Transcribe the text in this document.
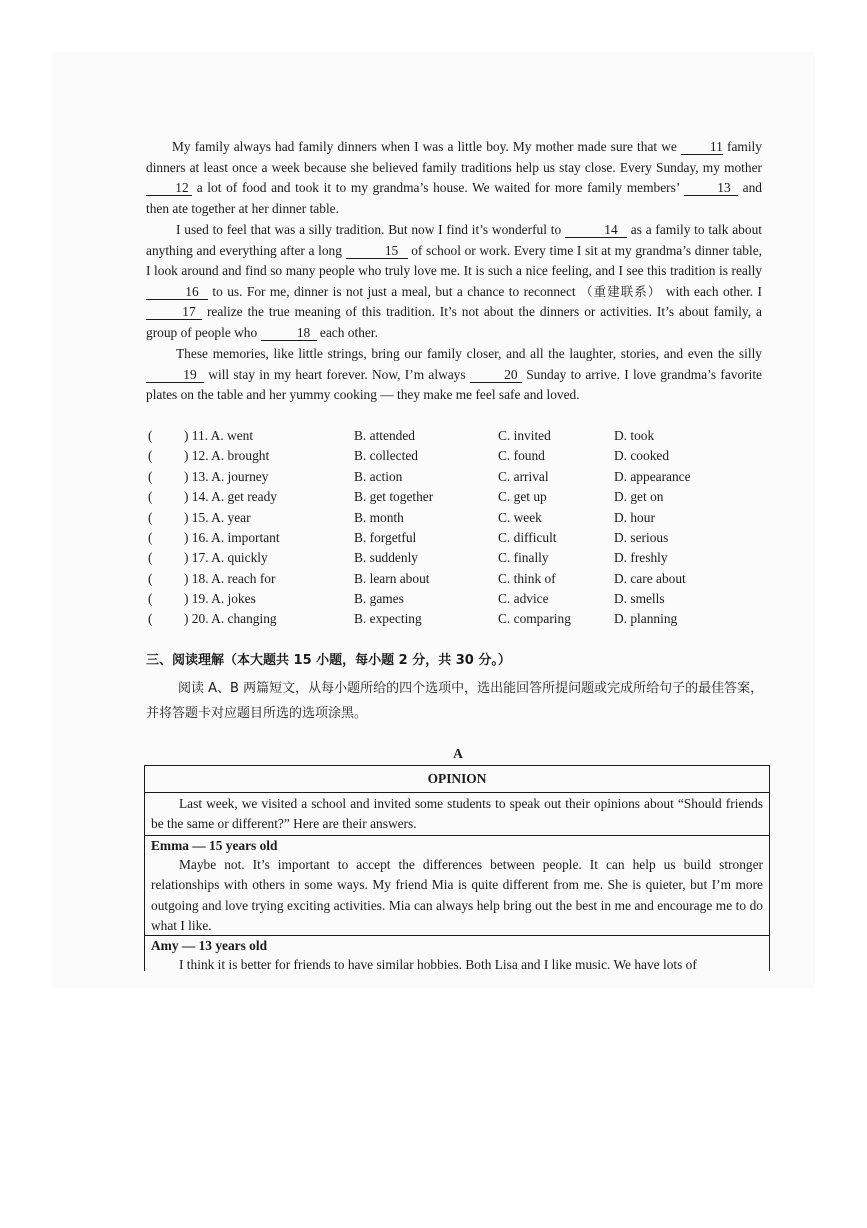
My family always had family dinners when I was a little boy. My mother made sure that we 11 family dinners at least once a week because she believed family traditions help us stay close. Every Sunday, my mother 12 a lot of food and took it to my grandma’s house. We waited for more family members’	13 and then ate together at her dinner table.

I used to feel that was a silly tradition. But now I find it’s wonderful to	14 as a family to talk about anything and everything after a long	15 of school or work. Every time I sit at my grandma’s dinner table, I look around and find so many people who truly love me. It is such a nice feeling, and I see this tradition is really 16 to us. For me, dinner is not just a meal, but a chance to reconnect （重建联系） with each other. I 17 realize the true meaning of this tradition. It’s not about the dinners or activities. It’s about family, a group of people who	18 each other.

These memories, like little strings, bring our family closer, and all the laughter, stories, and even the silly 19 will stay in my heart forever. Now, I’m always	20 Sunday to arrive. I love grandma’s favorite plates on the table and her yummy cooking — they make me feel safe and loved.

( ) 11. A. went	B. attended	C. invited	D. took
( ) 12. A. brought	B. collected	C. found	D. cooked
( ) 13. A. journey	B. action	C. arrival	D. appearance
( ) 14. A. get ready	B. get together	C. get up	D. get on
( ) 15. A. year	B. month	C. week	D. hour
( ) 16. A. important	B. forgetful	C. difficult	D. serious
( ) 17. A. quickly	B. suddenly	C. finally	D. freshly
( ) 18. A. reach for	B. learn about	C. think of	D. care about
( ) 19. A. jokes	B. games	C. advice	D. smells
( ) 20. A. changing	B. expecting	C. comparing	D. planning

三、阅读理解（本大题共 15 小题，每小题 2 分，共 30 分。）

阅读 A、B 两篇短文，从每小题所给的四个选项中，选出能回答所提问题或完成所给句子的最佳答案，并将答题卡对应题目所选的选项涂黑。

A
OPINION

Last week, we visited a school and invited some students to speak out their opinions about “Should friends be the same or different?” Here are their answers.

Emma — 15 years old

Maybe not. It’s important to accept the differences between people. It can help us build stronger relationships with others in some ways. My friend Mia is quite different from me. She is quieter, but I’m more outgoing and love trying exciting activities. Mia can always help bring out the best in me and encourage me to do what I like.

Amy — 13 years old

I think it is better for friends to have similar hobbies. Both Lisa and I like music. We have lots of
